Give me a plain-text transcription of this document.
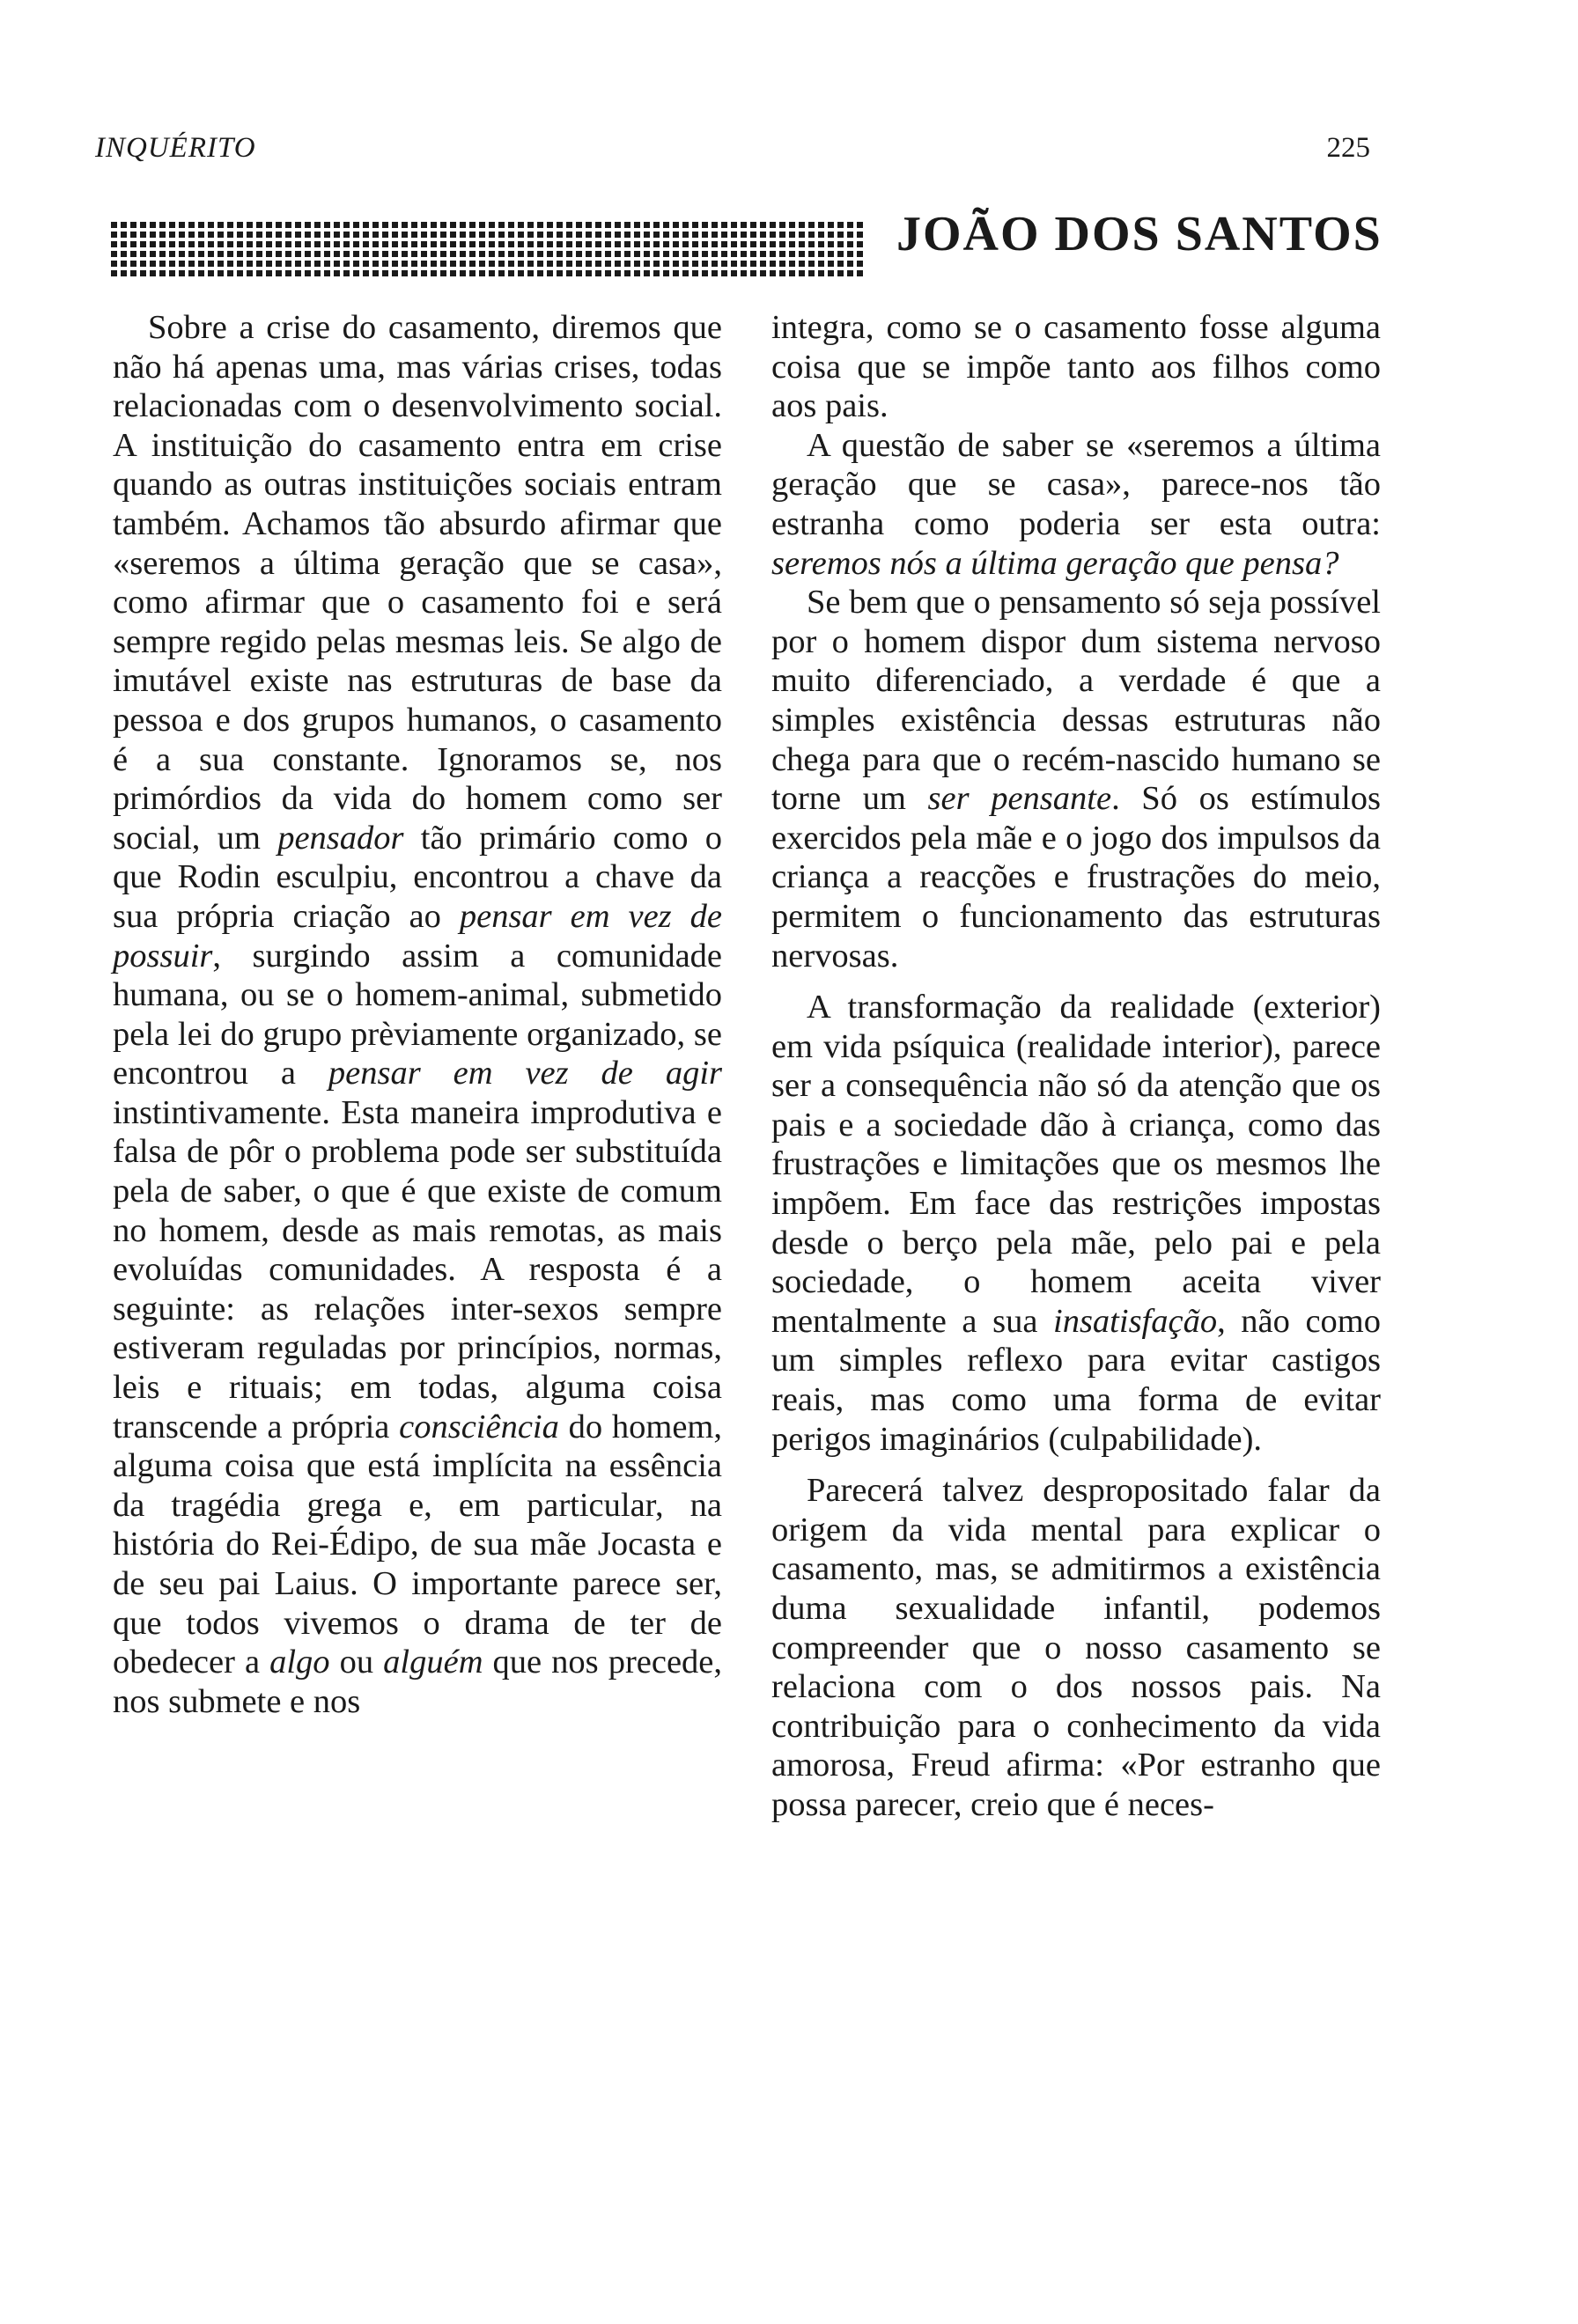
INQUÉRITO	225
JOÃO DOS SANTOS

Sobre a crise do casamento, diremos que não há apenas uma, mas várias crises, todas relacionadas com o desenvolvimento social. A instituição do casamento entra em crise quando as outras instituições sociais entram também. Achamos tão absurdo afirmar que «seremos a última geração que se casa», como afirmar que o casamento foi e será sempre regido pelas mesmas leis. Se algo de imutável existe nas estruturas de base da pessoa e dos grupos humanos, o casamento é a sua constante. Ignoramos se, nos primórdios da vida do homem como ser social, um pensador tão primário como o que Rodin esculpiu, encontrou a chave da sua própria criação ao pensar em vez de possuir, surgindo assim a comunidade humana, ou se o homem-animal, submetido pela lei do grupo prèviamente organizado, se encontrou a pensar em vez de agir instintivamente. Esta maneira improdutiva e falsa de pôr o problema pode ser substituída pela de saber, o que é que existe de comum no homem, desde as mais remotas, as mais evoluídas comunidades. A resposta é a seguinte: as relações inter-sexos sempre estiveram reguladas por princípios, normas, leis e rituais; em todas, alguma coisa transcende a própria consciência do homem, alguma coisa que está implícita na essência da tragédia grega e, em particular, na história do Rei-Édipo, de sua mãe Jocasta e de seu pai Laius. O importante parece ser, que todos vivemos o drama de ter de obedecer a algo ou alguém que nos precede, nos submete e nos

integra, como se o casamento fosse alguma coisa que se impõe tanto aos filhos como aos pais.

A questão de saber se «seremos a última geração que se casa», parece-nos tão estranha como poderia ser esta outra: seremos nós a última geração que pensa?

Se bem que o pensamento só seja possível por o homem dispor dum sistema nervoso muito diferenciado, a verdade é que a simples existência dessas estruturas não chega para que o recém-nascido humano se torne um ser pensante. Só os estímulos exercidos pela mãe e o jogo dos impulsos da criança a reacções e frustrações do meio, permitem o funcionamento das estruturas nervosas.

A transformação da realidade (exterior) em vida psíquica (realidade interior), parece ser a consequência não só da atenção que os pais e a sociedade dão à criança, como das frustrações e limitações que os mesmos lhe impõem. Em face das restrições impostas desde o berço pela mãe, pelo pai e pela sociedade, o homem aceita viver mentalmente a sua insatisfação, não como um simples reflexo para evitar castigos reais, mas como uma forma de evitar perigos imaginários (culpabilidade).

Parecerá talvez despropositado falar da origem da vida mental para explicar o casamento, mas, se admitirmos a existência duma sexualidade infantil, podemos compreender que o nosso casamento se relaciona com o dos nossos pais. Na contribuição para o conhecimento da vida amorosa, Freud afirma: «Por estranho que possa parecer, creio que é neces-
